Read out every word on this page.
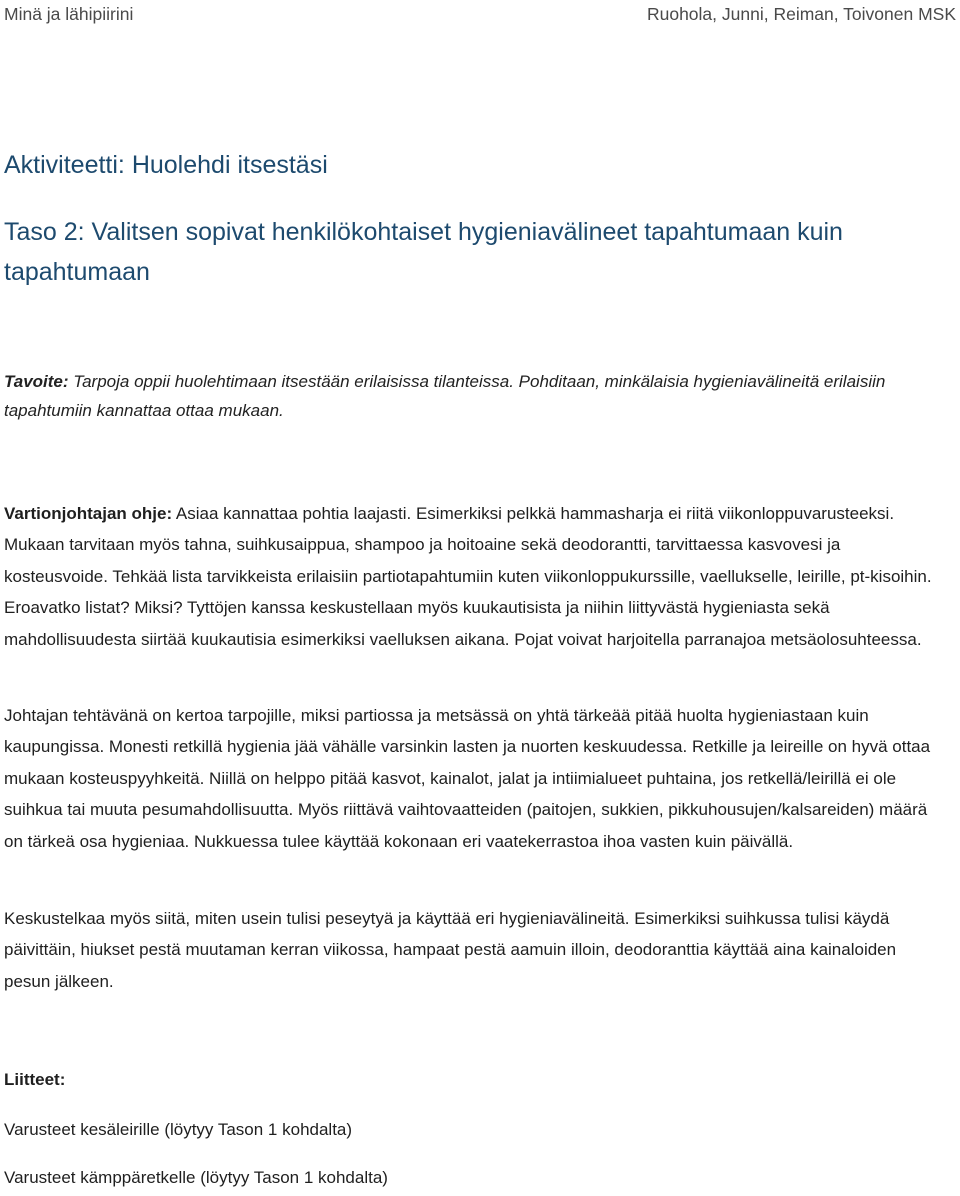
Minä ja lähipiirini	Ruohola, Junni, Reiman, Toivonen MSK
Aktiviteetti: Huolehdi itsestäsi
Taso 2: Valitsen sopivat henkilökohtaiset hygieniavälineet tapahtumaan kuin tapahtumaan

Tavoite: Tarpoja oppii huolehtimaan itsestään erilaisissa tilanteissa. Pohditaan, minkälaisia hygieniavälineitä erilaisiin tapahtumiin kannattaa ottaa mukaan.

Vartionjohtajan ohje: Asiaa kannattaa pohtia laajasti. Esimerkiksi pelkkä hammasharja ei riitä viikonloppuvarusteeksi. Mukaan tarvitaan myös tahna, suihkusaippua, shampoo ja hoitoaine sekä deodorantti, tarvittaessa kasvovesi ja kosteusvoide. Tehkää lista tarvikkeista erilaisiin partiotapahtumiin kuten viikonloppukurssille, vaellukselle, leirille, pt-kisoihin. Eroavatko listat? Miksi? Tyttöjen kanssa keskustellaan myös kuukautisista ja niihin liittyvästä hygieniasta sekä mahdollisuudesta siirtää kuukautisia esimerkiksi vaelluksen aikana. Pojat voivat harjoitella parranajoa metsäolosuhteessa.

Johtajan tehtävänä on kertoa tarpojille, miksi partiossa ja metsässä on yhtä tärkeää pitää huolta hygieniastaan kuin kaupungissa. Monesti retkillä hygienia jää vähälle varsinkin lasten ja nuorten keskuudessa. Retkille ja leireille on hyvä ottaa mukaan kosteuspyyhkeitä. Niillä on helppo pitää kasvot, kainalot, jalat ja intiimialueet puhtaina, jos retkellä/leirillä ei ole suihkua tai muuta pesumahdollisuutta. Myös riittävä vaihtovaatteiden (paitojen, sukkien, pikkuhousujen/kalsareiden) määrä on tärkeä osa hygieniaa. Nukkuessa tulee käyttää kokonaan eri vaatekerrastoa ihoa vasten kuin päivällä.

Keskustelkaa myös siitä, miten usein tulisi peseytyä ja käyttää eri hygieniavälineitä. Esimerkiksi suihkussa tulisi käydä päivittäin, hiukset pestä muutaman kerran viikossa, hampaat pestä aamuin illoin, deodoranttia käyttää aina kainaloiden pesun jälkeen.

Liitteet:

Varusteet kesäleirille (löytyy Tason 1 kohdalta)

Varusteet kämppäretkelle (löytyy Tason 1 kohdalta)
